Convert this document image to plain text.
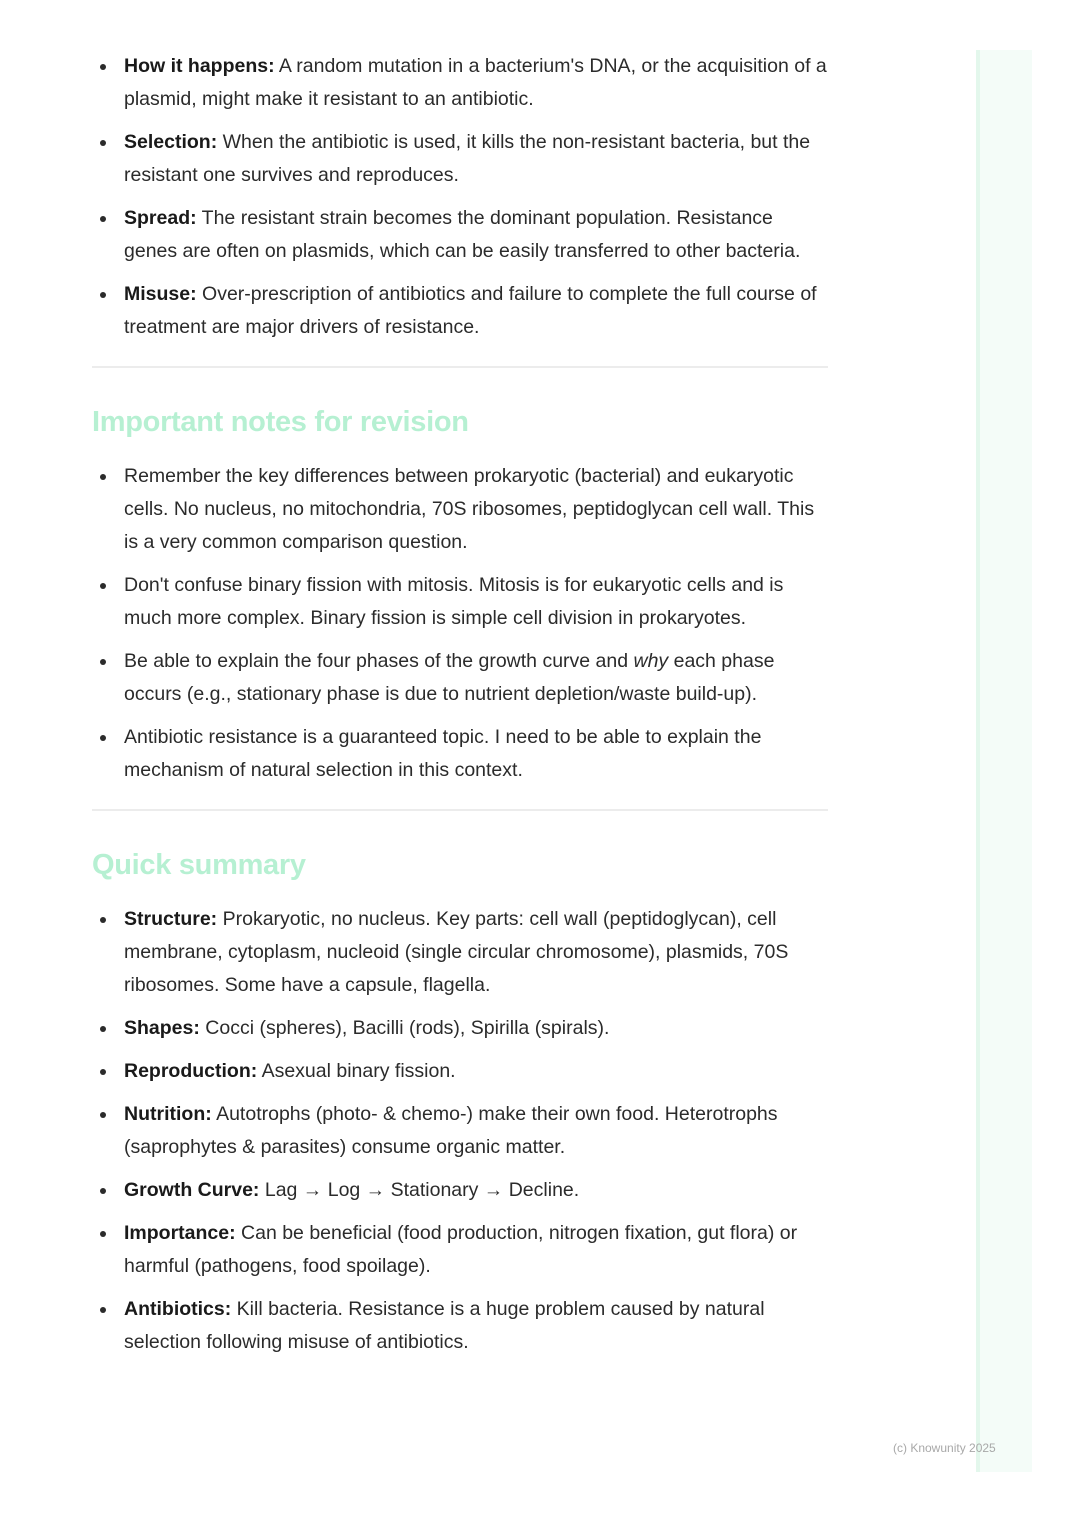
How it happens: A random mutation in a bacterium's DNA, or the acquisition of a plasmid, might make it resistant to an antibiotic.
Selection: When the antibiotic is used, it kills the non-resistant bacteria, but the resistant one survives and reproduces.
Spread: The resistant strain becomes the dominant population. Resistance genes are often on plasmids, which can be easily transferred to other bacteria.
Misuse: Over-prescription of antibiotics and failure to complete the full course of treatment are major drivers of resistance.
Important notes for revision
Remember the key differences between prokaryotic (bacterial) and eukaryotic cells. No nucleus, no mitochondria, 70S ribosomes, peptidoglycan cell wall. This is a very common comparison question.
Don't confuse binary fission with mitosis. Mitosis is for eukaryotic cells and is much more complex. Binary fission is simple cell division in prokaryotes.
Be able to explain the four phases of the growth curve and why each phase occurs (e.g., stationary phase is due to nutrient depletion/waste build-up).
Antibiotic resistance is a guaranteed topic. I need to be able to explain the mechanism of natural selection in this context.
Quick summary
Structure: Prokaryotic, no nucleus. Key parts: cell wall (peptidoglycan), cell membrane, cytoplasm, nucleoid (single circular chromosome), plasmids, 70S ribosomes. Some have a capsule, flagella.
Shapes: Cocci (spheres), Bacilli (rods), Spirilla (spirals).
Reproduction: Asexual binary fission.
Nutrition: Autotrophs (photo- & chemo-) make their own food. Heterotrophs (saprophytes & parasites) consume organic matter.
Growth Curve: Lag → Log → Stationary → Decline.
Importance: Can be beneficial (food production, nitrogen fixation, gut flora) or harmful (pathogens, food spoilage).
Antibiotics: Kill bacteria. Resistance is a huge problem caused by natural selection following misuse of antibiotics.
(c) Knowunity 2025
